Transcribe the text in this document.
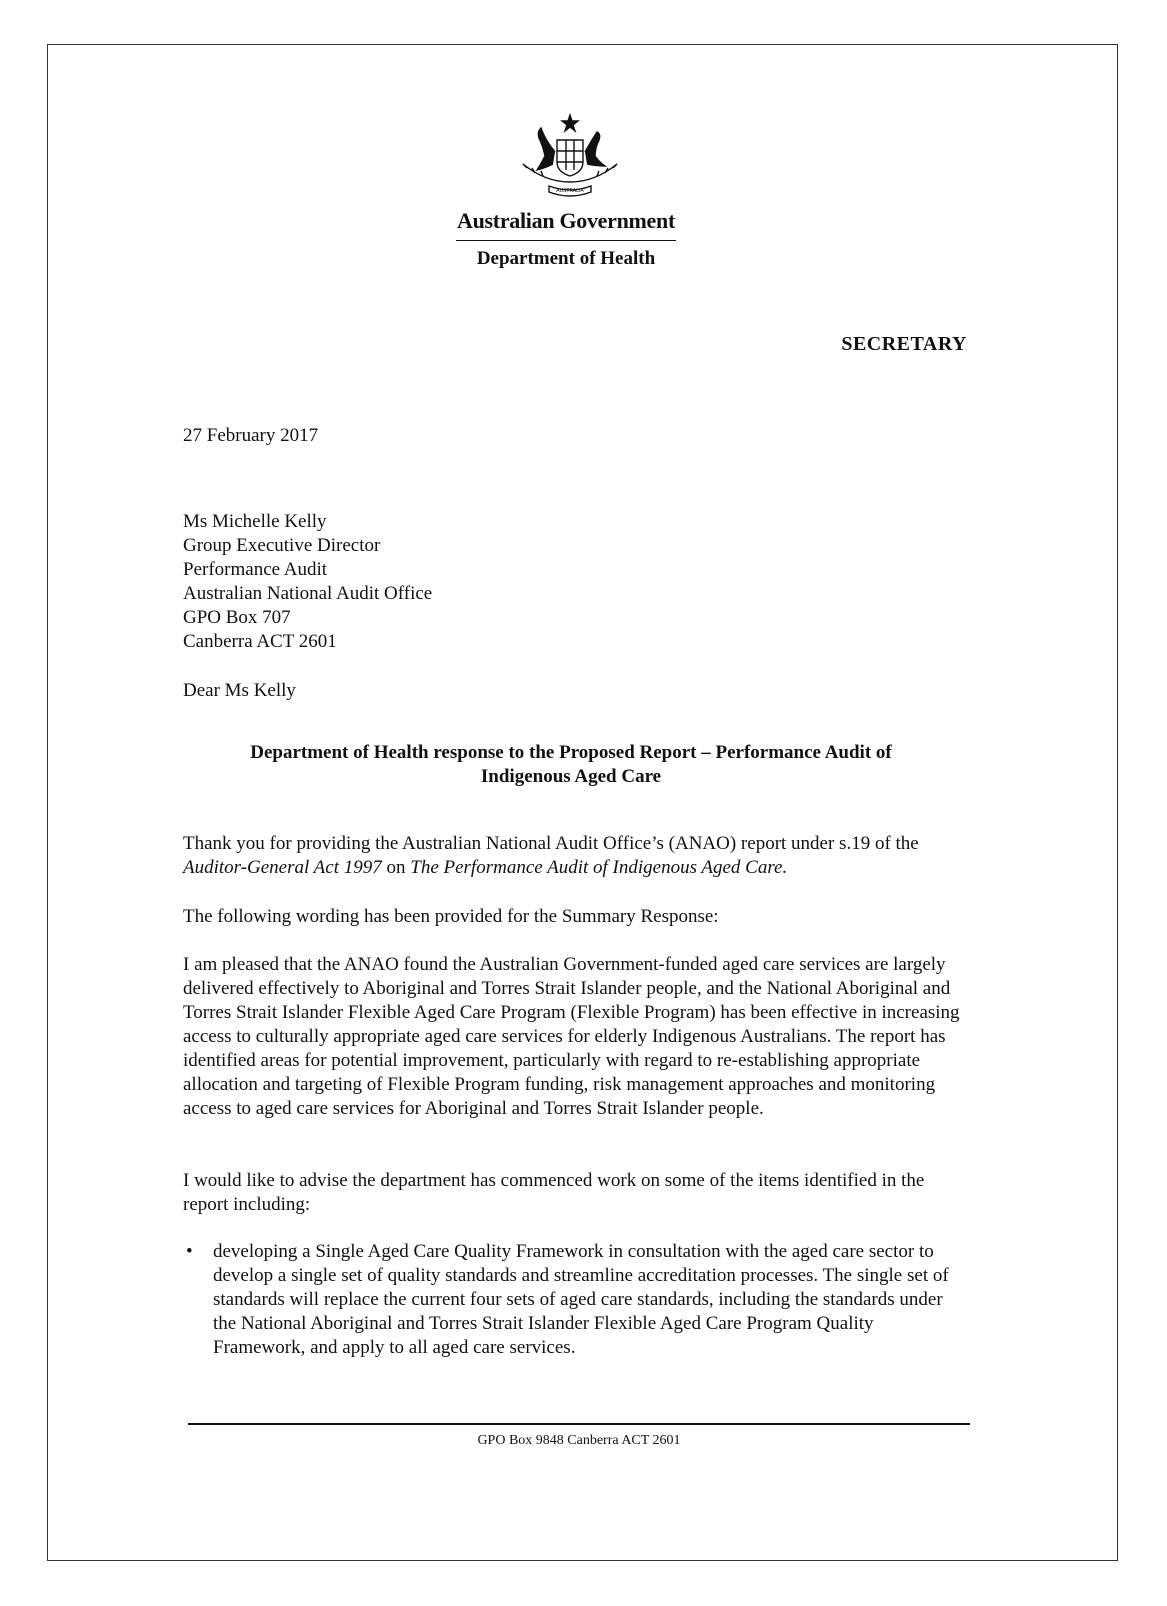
AUSTRALIA
Australian Government
Department of Health
SECRETARY
27 February 2017
Ms Michelle Kelly
Group Executive Director
Performance Audit
Australian National Audit Office
GPO Box 707
Canberra ACT 2601
Dear Ms Kelly
Department of Health response to the Proposed Report – Performance Audit of
Indigenous Aged Care
Thank you for providing the Australian National Audit Office’s (ANAO) report under s.19 of the Auditor-General Act 1997 on The Performance Audit of Indigenous Aged Care.
The following wording has been provided for the Summary Response:
I am pleased that the ANAO found the Australian Government-funded aged care services are largely delivered effectively to Aboriginal and Torres Strait Islander people, and the National Aboriginal and Torres Strait Islander Flexible Aged Care Program (Flexible Program) has been effective in increasing access to culturally appropriate aged care services for elderly Indigenous Australians. The report has identified areas for potential improvement, particularly with regard to re-establishing appropriate allocation and targeting of Flexible Program funding, risk management approaches and monitoring access to aged care services for Aboriginal and Torres Strait Islander people.
I would like to advise the department has commenced work on some of the items identified in the report including:
• developing a Single Aged Care Quality Framework in consultation with the aged care sector to develop a single set of quality standards and streamline accreditation processes. The single set of standards will replace the current four sets of aged care standards, including the standards under the National Aboriginal and Torres Strait Islander Flexible Aged Care Program Quality Framework, and apply to all aged care services.
GPO Box 9848 Canberra ACT 2601
